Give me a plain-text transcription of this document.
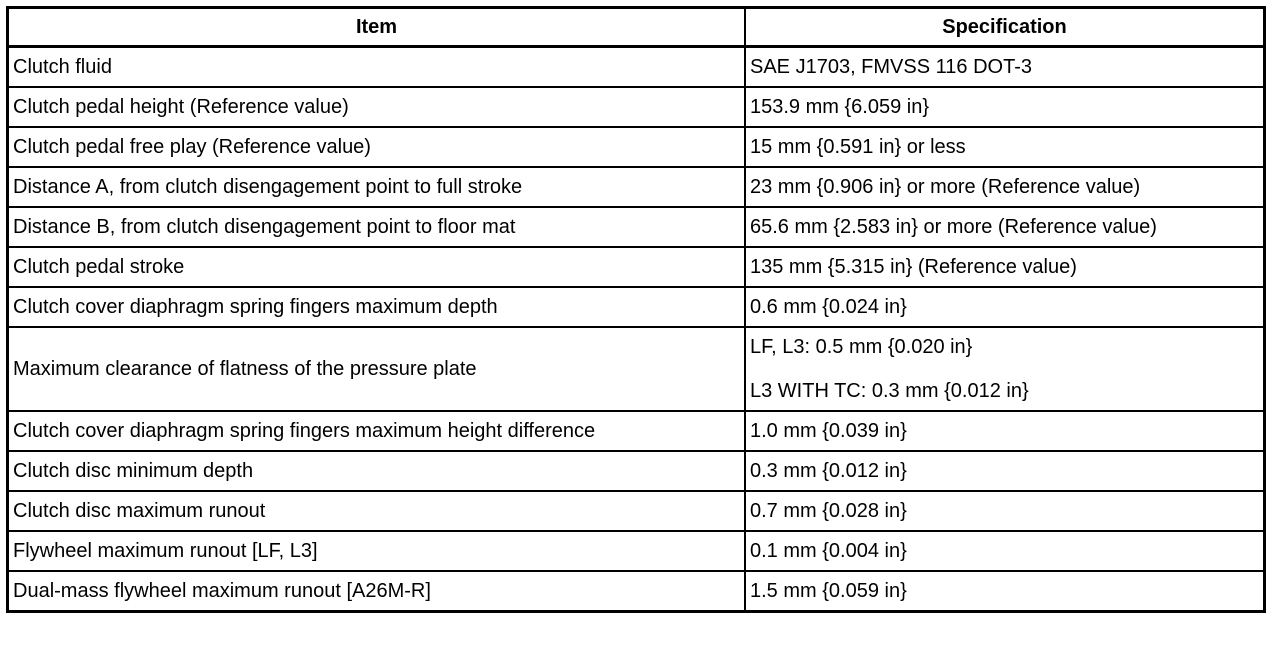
Item	Specification
Clutch fluid	SAE J1703, FMVSS 116 DOT-3
Clutch pedal height (Reference value)	153.9 mm {6.059 in}
Clutch pedal free play (Reference value)	15 mm {0.591 in} or less
Distance A, from clutch disengagement point to full stroke	23 mm {0.906 in} or more (Reference value)
Distance B, from clutch disengagement point to floor mat	65.6 mm {2.583 in} or more (Reference value)
Clutch pedal stroke	135 mm {5.315 in} (Reference value)
Clutch cover diaphragm spring fingers maximum depth	0.6 mm {0.024 in}
Maximum clearance of flatness of the pressure plate	LF, L3: 0.5 mm {0.020 in}
L3 WITH TC: 0.3 mm {0.012 in}

Clutch cover diaphragm spring fingers maximum height difference	1.0 mm {0.039 in}
Clutch disc minimum depth	0.3 mm {0.012 in}
Clutch disc maximum runout	0.7 mm {0.028 in}
Flywheel maximum runout [LF, L3]	0.1 mm {0.004 in}
Dual-mass flywheel maximum runout [A26M-R]	1.5 mm {0.059 in}
